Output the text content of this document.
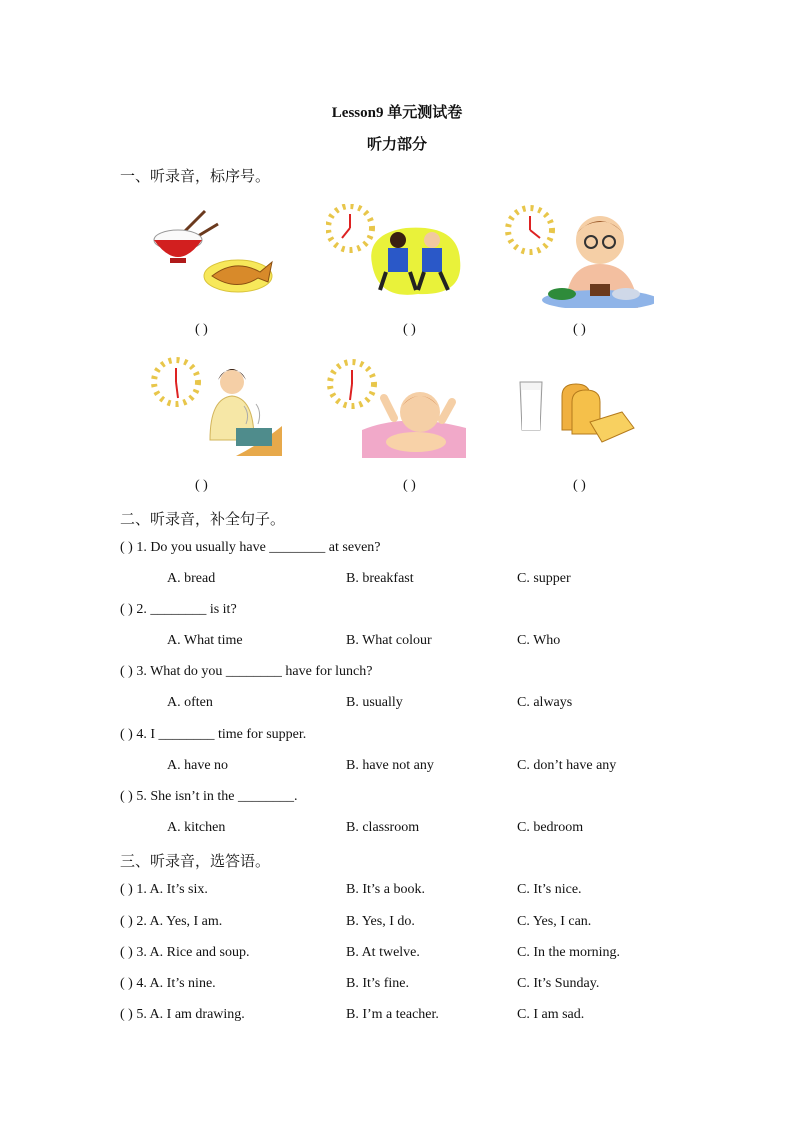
Lesson9 单元测试卷
听力部分
一、听录音，标序号。
( )	( )	( )
( )	( )	( )
二、听录音，补全句子。
( ) 1. Do you usually have ________ at seven?
A. bread	B. breakfast	C. supper
( ) 2. ________ is it?
A. What time	B. What colour	C. Who
( ) 3. What do you ________ have for lunch?
A. often	B. usually	C. always
( ) 4. I ________ time for supper.
A. have no	B. have not any	C. don’t have any
( ) 5. She isn’t in the ________.
A. kitchen	B. classroom	C. bedroom
三、听录音，选答语。
( ) 1. A. It’s six.	B. It’s a book.	C. It’s nice.
( ) 2. A. Yes, I am.	B. Yes, I do.	C. Yes, I can.
( ) 3. A. Rice and soup.	B. At twelve.	C. In the morning.
( ) 4. A. It’s nine.	B. It’s fine.	C. It’s Sunday.
( ) 5. A. I am drawing.	B. I’m a teacher.	C. I am sad.
